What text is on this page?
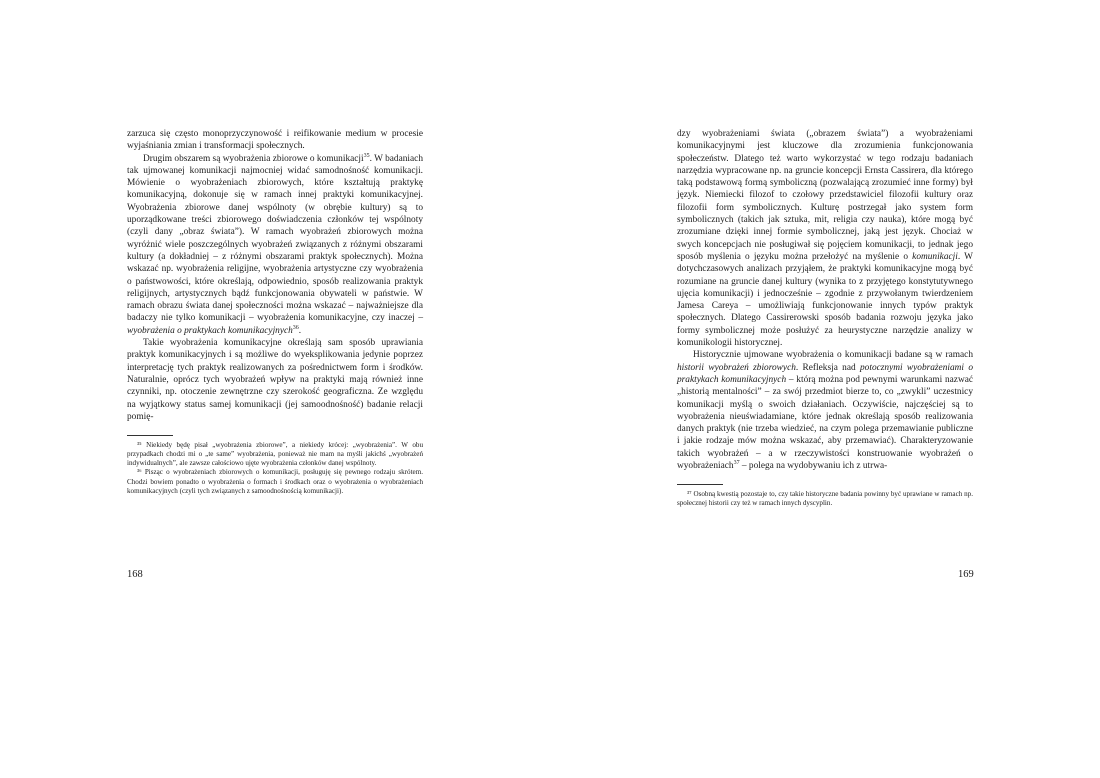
zarzuca się często monoprzyczynowość i reifikowanie medium w procesie wyjaśniania zmian i transformacji społecznych.

Drugim obszarem są wyobrażenia zbiorowe o komunikacji$^{35}$. W badaniach tak ujmowanej komunikacji najmocniej widać samodnośność komunikacji. Mówienie o wyobrażeniach zbiorowych, które kształtują praktykę komunikacyjną, dokonuje się w ramach innej praktyki komunikacyjnej. Wyobrażenia zbiorowe danej wspólnoty (w obrębie kultury) są to uporządkowane treści zbiorowego doświadczenia członków tej wspólnoty (czyli dany „obraz świata”). W ramach wyobrażeń zbiorowych można wyróżnić wiele poszczególnych wyobrażeń związanych z różnymi obszarami kultury (a dokładniej – z różnymi obszarami praktyk społecznych). Można wskazać np. wyobrażenia religijne, wyobrażenia artystyczne czy wyobrażenia o państwowości, które określają, odpowiednio, sposób realizowania praktyk religijnych, artystycznych bądź funkcjonowania obywateli w państwie. W ramach obrazu świata danej społeczności można wskazać – najważniejsze dla badaczy nie tylko komunikacji – wyobrażenia komunikacyjne, czy inaczej – wyobrażenia o praktykach komunikacyjnych$^{36}$.

Takie wyobrażenia komunikacyjne określają sam sposób uprawiania praktyk komunikacyjnych i są możliwe do wyeksplikowania jedynie poprzez interpretację tych praktyk realizowanych za pośrednictwem form i środków. Naturalnie, oprócz tych wyobrażeń wpływ na praktyki mają również inne czynniki, np. otoczenie zewnętrzne czy szerokość geograficzna. Ze względu na wyjątkowy status samej komunikacji (jej samoodnośność) badanie relacji pomię-

³⁵ Niekiedy będę pisał „wyobrażenia zbiorowe”, a niekiedy krócej: „wyobrażenia”. W obu przypadkach chodzi mi o „te same” wyobrażenia, ponieważ nie mam na myśli jakichś „wyobrażeń indywidualnych”, ale zawsze całościowo ujęte wyobrażenia członków danej wspólnoty.

³⁶ Pisząc o wyobrażeniach zbiorowych o komunikacji, posługuję się pewnego rodzaju skrótem. Chodzi bowiem ponadto o wyobrażenia o formach i środkach oraz o wyobrażenia o wyobrażeniach komunikacyjnych (czyli tych związanych z samoodnośnością komunikacji).

168

dzy wyobrażeniami świata („obrazem świata”) a wyobrażeniami komunikacyjnymi jest kluczowe dla zrozumienia funkcjonowania społeczeństw. Dlatego też warto wykorzystać w tego rodzaju badaniach narzędzia wypracowane np. na gruncie koncepcji Ernsta Cassirera, dla którego taką podstawową formą symboliczną (pozwalającą zrozumieć inne formy) był język. Niemiecki filozof to czołowy przedstawiciel filozofii kultury oraz filozofii form symbolicznych. Kulturę postrzegał jako system form symbolicznych (takich jak sztuka, mit, religia czy nauka), które mogą być zrozumiane dzięki innej formie symbolicznej, jaką jest język. Chociaż w swych koncepcjach nie posługiwał się pojęciem komunikacji, to jednak jego sposób myślenia o języku można przełożyć na myślenie o komunikacji. W dotychczasowych analizach przyjąłem, że praktyki komunikacyjne mogą być rozumiane na gruncie danej kultury (wynika to z przyjętego konstytutywnego ujęcia komunikacji) i jednocześnie – zgodnie z przywołanym twierdzeniem Jamesa Careya – umożliwiają funkcjonowanie innych typów praktyk społecznych. Dlatego Cassirerowski sposób badania rozwoju języka jako formy symbolicznej może posłużyć za heurystyczne narzędzie analizy w komunikologii historycznej.

Historycznie ujmowane wyobrażenia o komunikacji badane są w ramach historii wyobrażeń zbiorowych. Refleksja nad potocznymi wyobrażeniami o praktykach komunikacyjnych – którą można pod pewnymi warunkami nazwać „historią mentalności” – za swój przedmiot bierze to, co „zwykli” uczestnicy komunikacji myślą o swoich działaniach. Oczywiście, najczęściej są to wyobrażenia nieuświadamiane, które jednak określają sposób realizowania danych praktyk (nie trzeba wiedzieć, na czym polega przemawianie publiczne i jakie rodzaje mów można wskazać, aby przemawiać). Charakteryzowanie takich wyobrażeń – a w rzeczywistości konstruowanie wyobrażeń o wyobrażeniach$^{37}$ – polega na wydobywaniu ich z utrwa-

³⁷ Osobną kwestią pozostaje to, czy takie historyczne badania powinny być uprawiane w ramach np. społecznej historii czy też w ramach innych dyscyplin.

169
